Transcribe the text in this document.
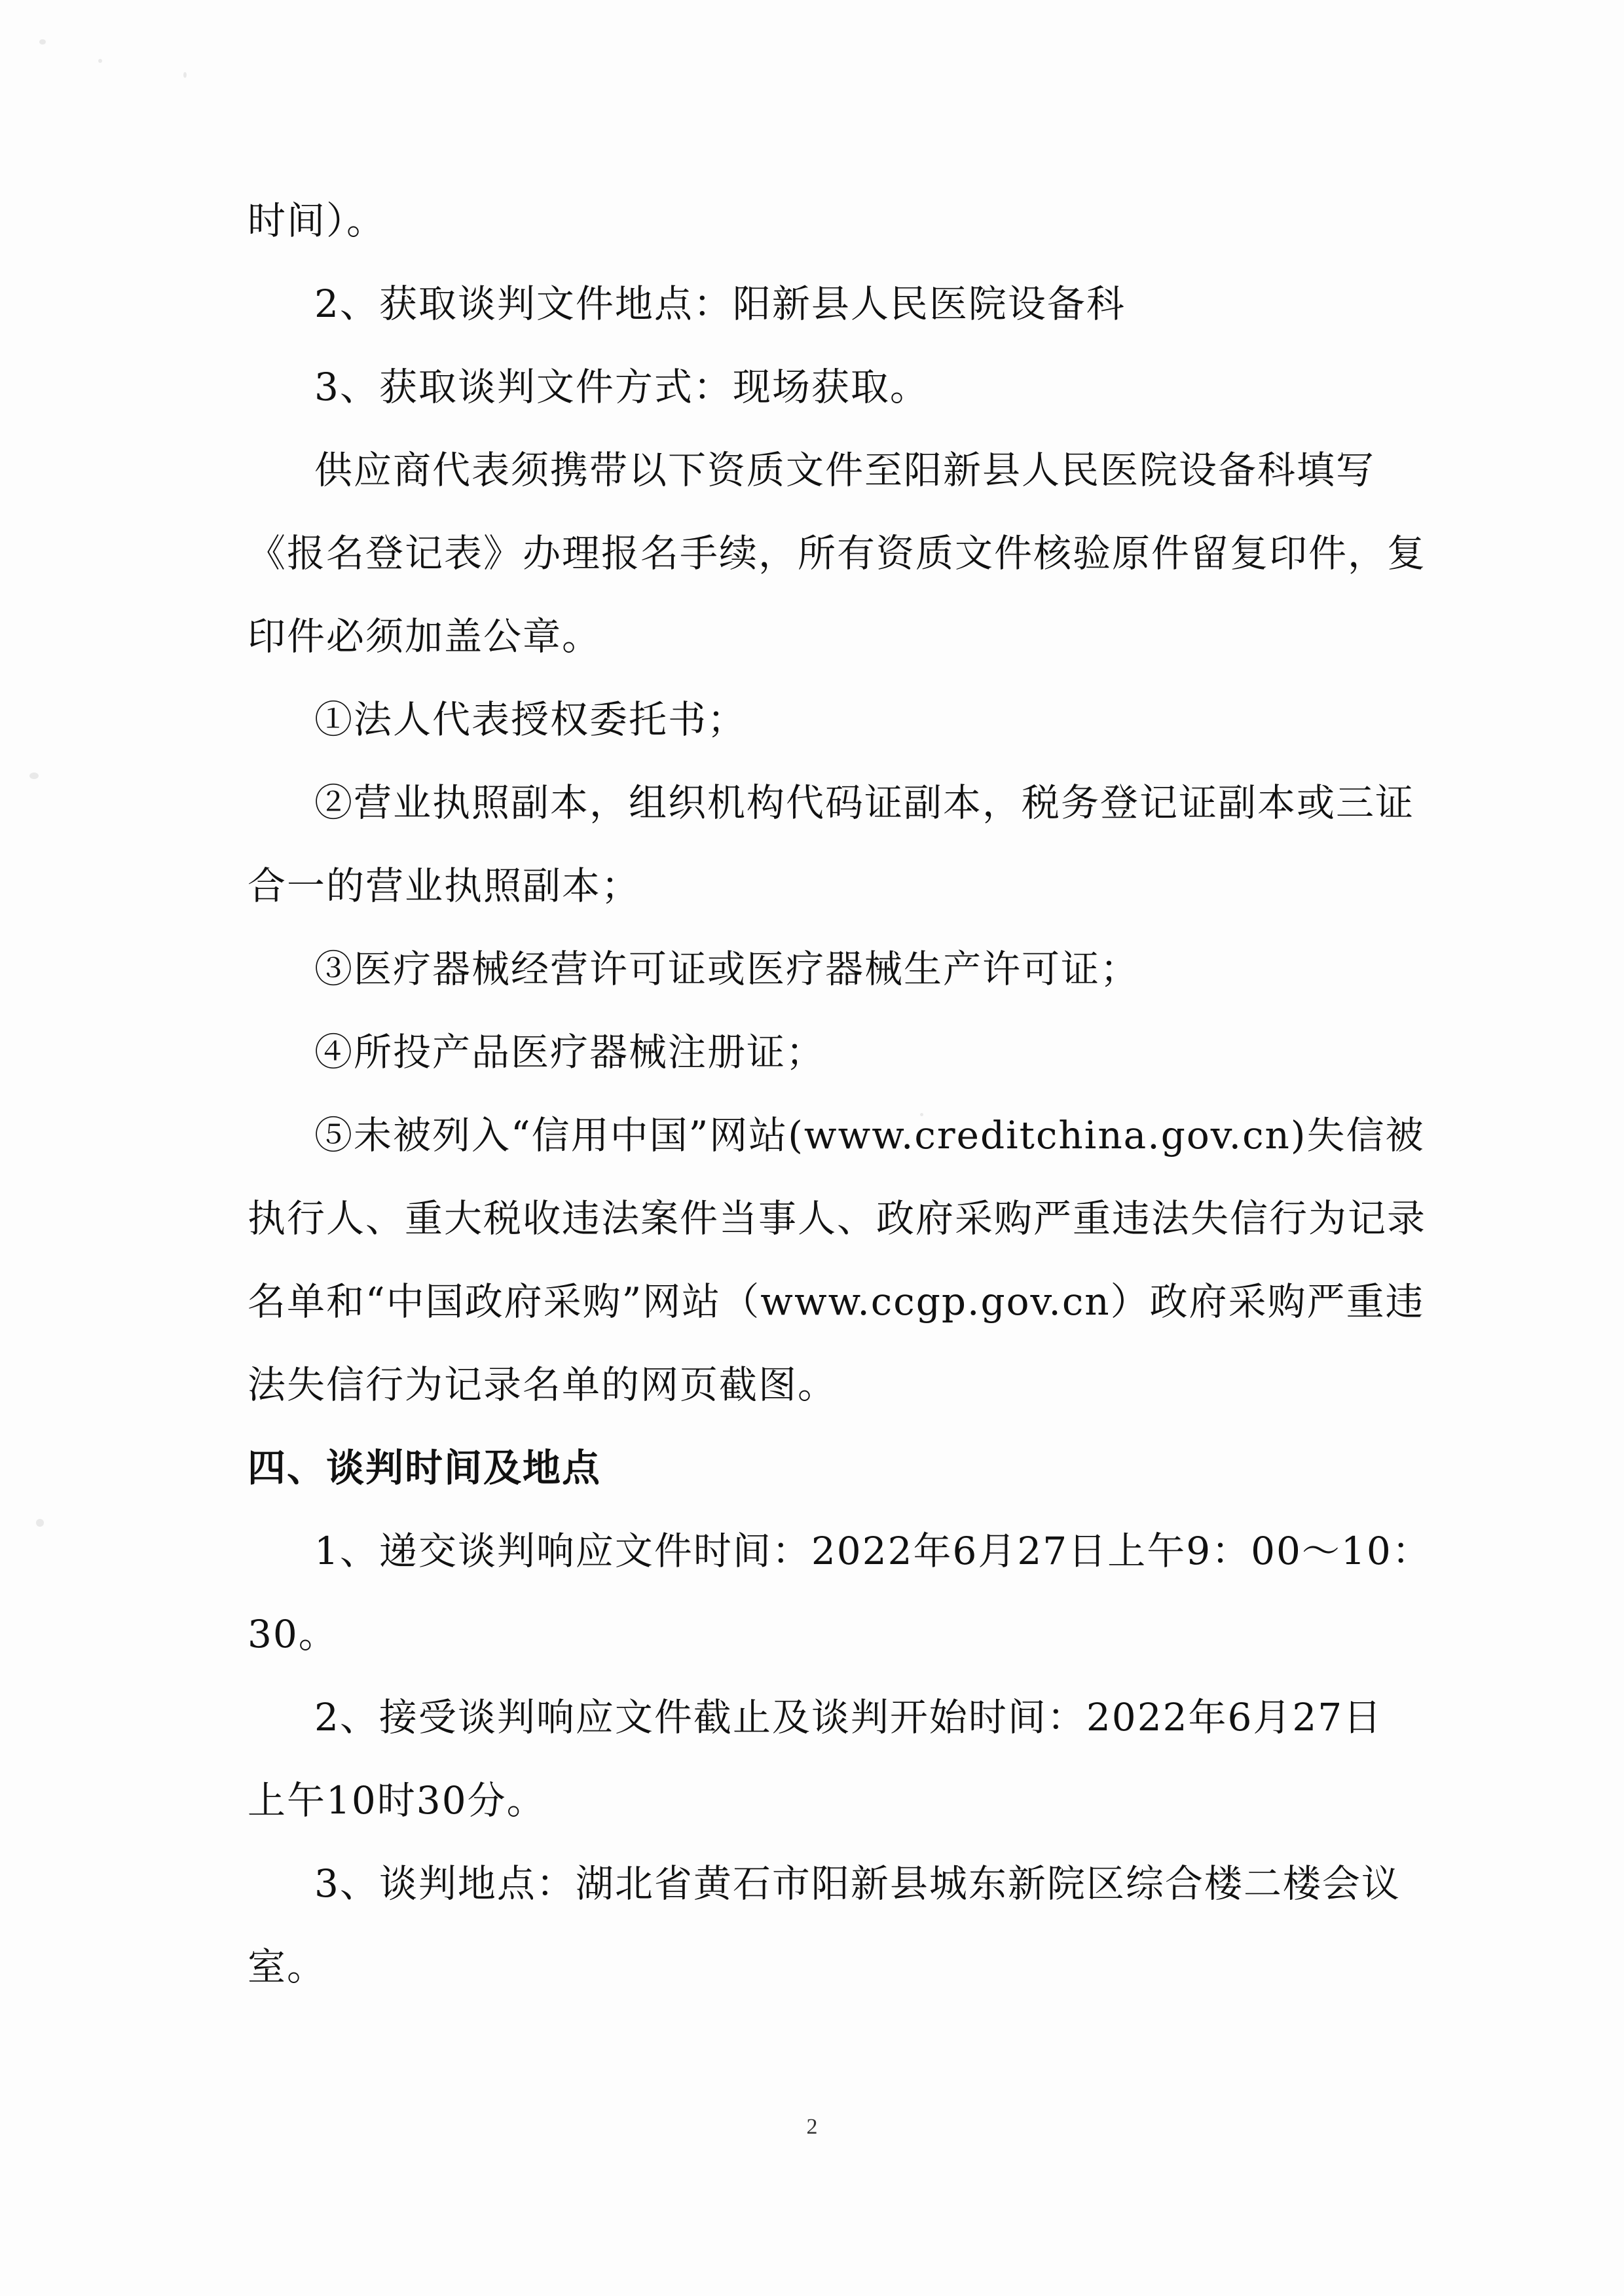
时间）。
2、获取谈判文件地点：阳新县人民医院设备科
3、获取谈判文件方式：现场获取。
供应商代表须携带以下资质文件至阳新县人民医院设备科填写
《报名登记表》办理报名手续，所有资质文件核验原件留复印件，复
印件必须加盖公章。
①法人代表授权委托书；
②营业执照副本，组织机构代码证副本，税务登记证副本或三证
合一的营业执照副本；
③医疗器械经营许可证或医疗器械生产许可证；
④所投产品医疗器械注册证；
⑤未被列入“信用中国”网站(www.creditchina.gov.cn)失信被
执行人、重大税收违法案件当事人、政府采购严重违法失信行为记录
名单和“中国政府采购”网站（www.ccgp.gov.cn）政府采购严重违
法失信行为记录名单的网页截图。
四、谈判时间及地点
1、递交谈判响应文件时间：2022年6月27日上午9：00～10：
30。
2、接受谈判响应文件截止及谈判开始时间：2022年6月27日
上午10时30分。
3、谈判地点：湖北省黄石市阳新县城东新院区综合楼二楼会议
室。
2
